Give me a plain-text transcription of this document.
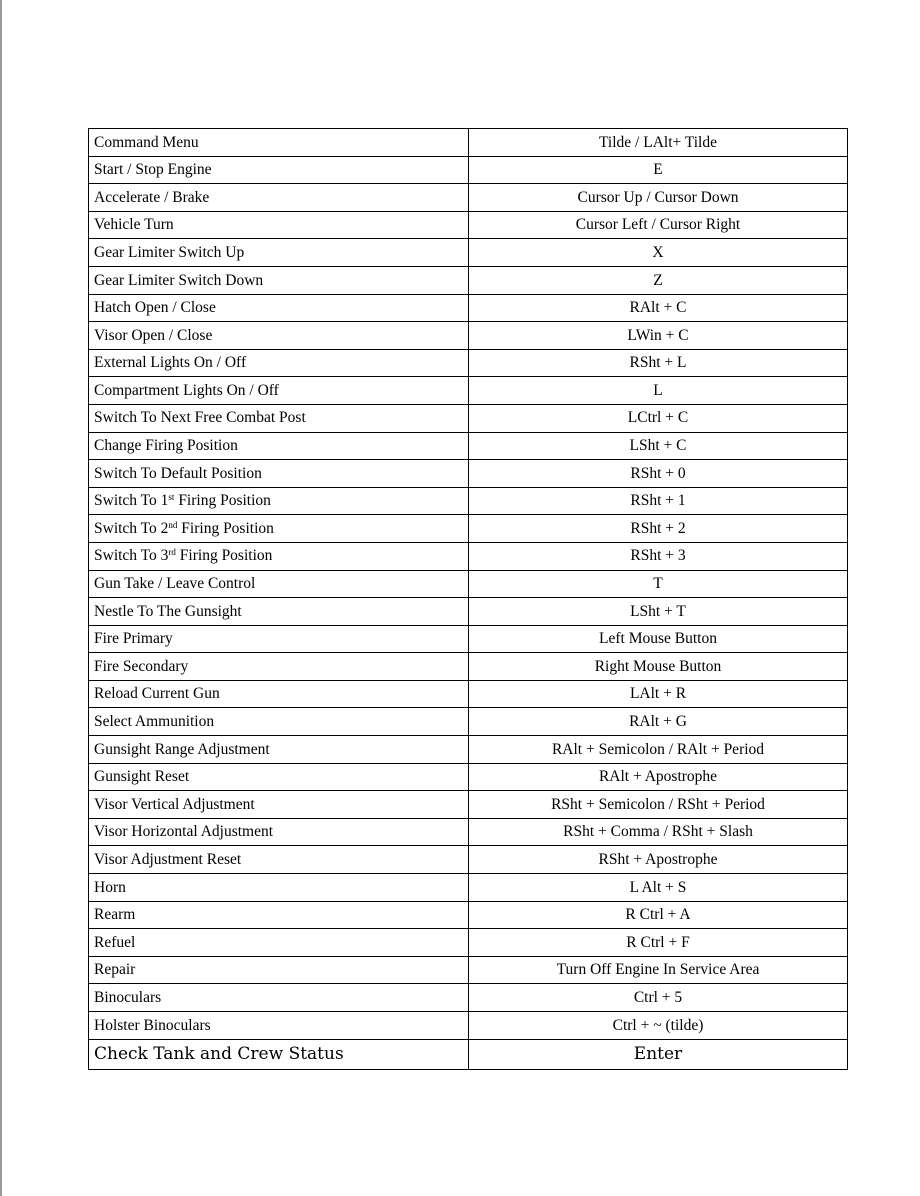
Command Menu	Tilde / LAlt+ Tilde
Start / Stop Engine	E
Accelerate / Brake	Cursor Up / Cursor Down
Vehicle Turn	Cursor Left / Cursor Right
Gear Limiter Switch Up	X
Gear Limiter Switch Down	Z
Hatch Open / Close	RAlt + C
Visor Open / Close	LWin + C
External Lights On / Off	RSht + L
Compartment Lights On / Off	L
Switch To Next Free Combat Post	LCtrl + C
Change Firing Position	LSht + C
Switch To Default Position	RSht + 0
Switch To 1st Firing Position	RSht + 1
Switch To 2nd Firing Position	RSht + 2
Switch To 3rd Firing Position	RSht + 3
Gun Take / Leave Control	T
Nestle To The Gunsight	LSht + T
Fire Primary	Left Mouse Button
Fire Secondary	Right Mouse Button
Reload Current Gun	LAlt + R
Select Ammunition	RAlt + G
Gunsight Range Adjustment	RAlt + Semicolon / RAlt + Period
Gunsight Reset	RAlt + Apostrophe
Visor Vertical Adjustment	RSht + Semicolon / RSht + Period
Visor Horizontal Adjustment	RSht + Comma / RSht + Slash
Visor Adjustment Reset	RSht + Apostrophe
Horn	L Alt + S
Rearm	R Ctrl + A
Refuel	R Ctrl + F
Repair	Turn Off Engine In Service Area
Binoculars	Ctrl + 5
Holster Binoculars	Ctrl + ~ (tilde)
Check Tank and Crew Status	Enter
